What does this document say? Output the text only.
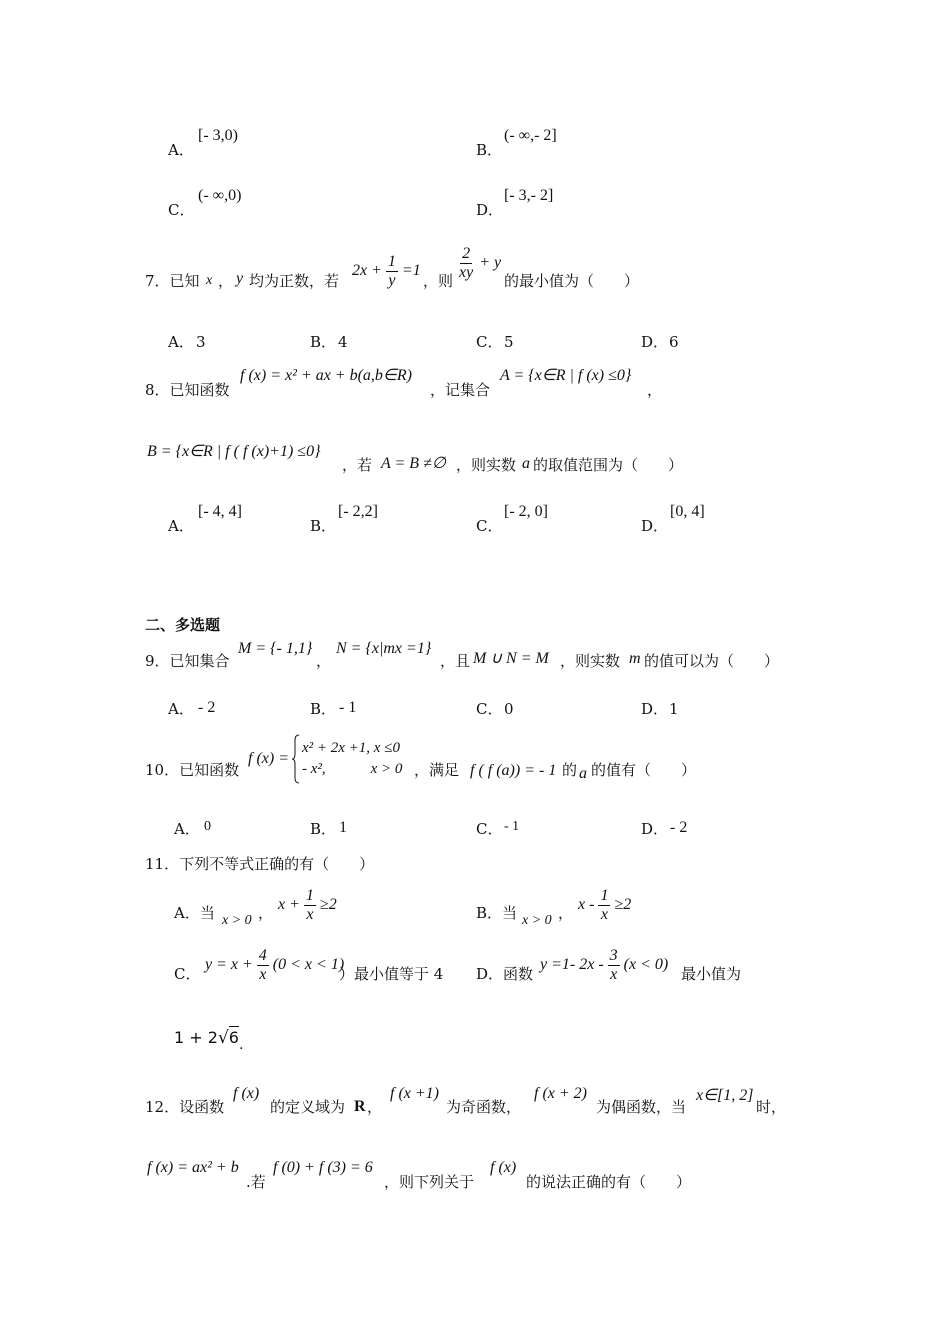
A．
[- 3,0)
B．
(- ∞,- 2]
C．
(- ∞,0)
D．
[- 3,- 2]
7．已知 x ， y 均为正数，若
$2x + \frac{1}{y} =1$
，则 $\frac{2}{xy} + y$
的最小值为（　　）
A． 3	B． 4	C． 5	D． 6
8．已知函数
f (x) = x² + ax + b(a,b∈R)
，记集合
A = {x∈R | f (x) ≤0}
，
B = {x∈R | f ( f (x)+1) ≤0}
，若 A = B ≠∅ ，则实数 a 的取值范围为（　　）
A．
[- 4, 4]
B．
[- 2,2]
C．
[- 2, 0]
D．
[0, 4]
二、多选题
9．已知集合
M = {- 1,1}
，
N = {x|mx =1}
，且 M ∪ N = M ，则实数 m 的值可以为（　　）
A． - 2	B． - 1	C． 0	D． 1
10．已知函数
f (x) =
x² + 2x +1, x ≤0
- x²,　　　x > 0 ，满足 f ( f (a)) = - 1 的 a 的值有（　　）
A． 0	B． 1	C． - 1	D． - 2
11．下列不等式正确的有（　　）
A．当 x > 0 ， $x + \frac{1}{x} \ge 2$	B．当 x > 0 ， $x - \frac{1}{x} \ge 2$
C．
$y = x + \frac{4}{x} (0 < x < 1)$
）最小值等于 4 D．函数
y =1- $2x - \frac{3}{x} (x < 0)$
最小值为
1 + 2√6.
12．设函数
f (x)
的定义域为 R ，
f (x +1)
为奇函数，
f (x + 2)
为偶函数，当
x∈[1, 2]
时，
f (x) = ax² + b
.若
f (0) + f (3) = 6
，则下列关于
f (x)
的说法正确的有（　　）
